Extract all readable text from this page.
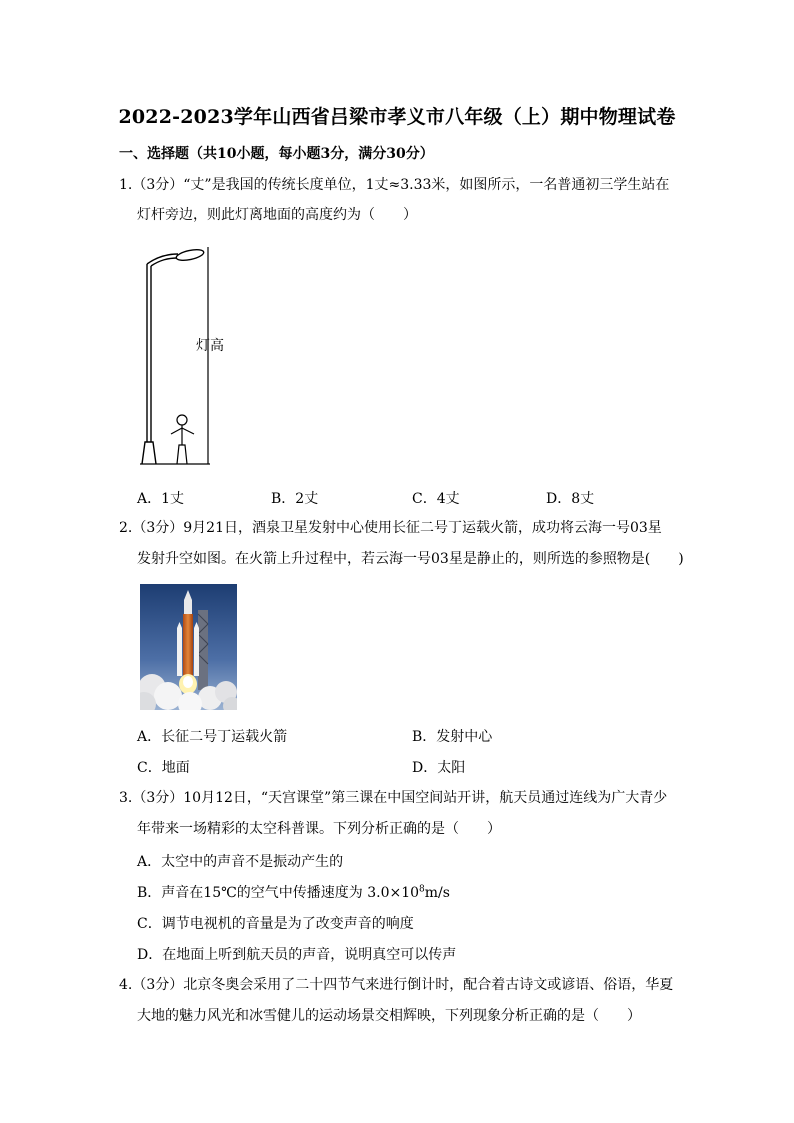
2022-2023学年山西省吕梁市孝义市八年级（上）期中物理试卷
一、选择题（共10小题，每小题3分，满分30分）
1.（3分）“丈”是我国的传统长度单位，1丈≈3.33米，如图所示，一名普通初三学生站在
灯杆旁边，则此灯离地面的高度约为（　　）
灯高
A．1丈	B．2丈	C．4丈	D．8丈
2.（3分）9月21日，酒泉卫星发射中心使用长征二号丁运载火箭，成功将云海一号03星
发射升空如图。在火箭上升过程中，若云海一号03星是静止的，则所选的参照物是(　　)
A．长征二号丁运载火箭	B．发射中心
C．地面	D．太阳
3.（3分）10月12日，“天宫课堂”第三课在中国空间站开讲，航天员通过连线为广大青少
年带来一场精彩的太空科普课。下列分析正确的是（　　）
A．太空中的声音不是振动产生的
B．声音在15℃的空气中传播速度为 $3.0\times 10^8m/s$
C．调节电视机的音量是为了改变声音的响度
D．在地面上听到航天员的声音，说明真空可以传声
4.（3分）北京冬奥会采用了二十四节气来进行倒计时，配合着古诗文或谚语、俗语，华夏
大地的魅力风光和冰雪健儿的运动场景交相辉映，下列现象分析正确的是（　　）
